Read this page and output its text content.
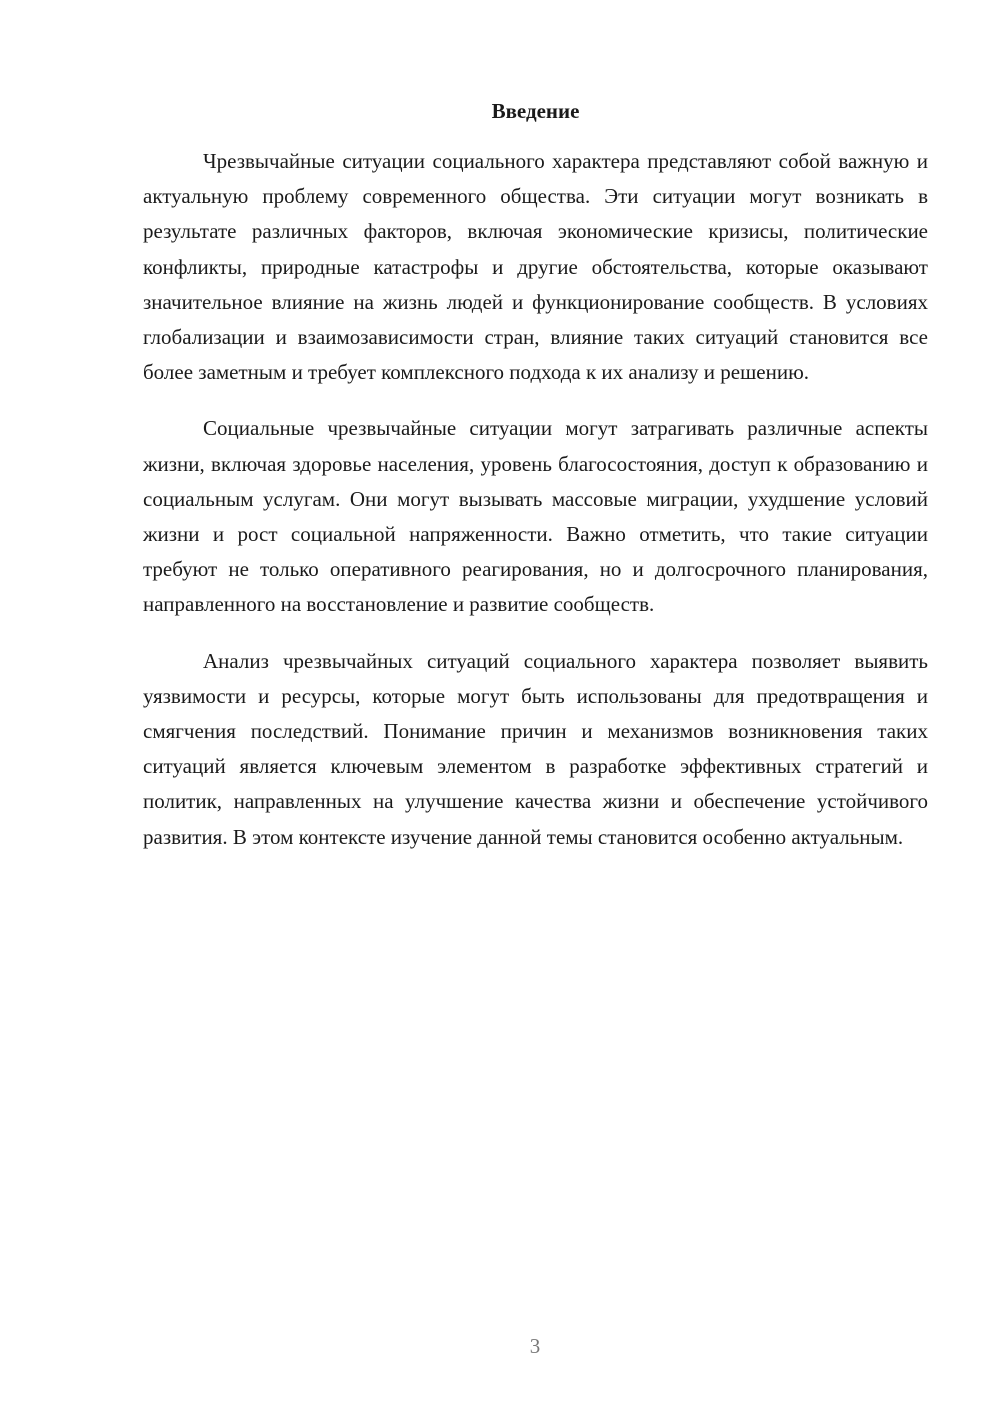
Введение

Чрезвычайные ситуации социального характера представляют собой важную и актуальную проблему современного общества. Эти ситуации могут возникать в результате различных факторов, включая экономические кризисы, политические конфликты, природные катастрофы и другие обстоятельства, которые оказывают значительное влияние на жизнь людей и функционирование сообществ. В условиях глобализации и взаимозависимости стран, влияние таких ситуаций становится все более заметным и требует комплексного подхода к их анализу и решению.

Социальные чрезвычайные ситуации могут затрагивать различные аспекты жизни, включая здоровье населения, уровень благосостояния, доступ к образованию и социальным услугам. Они могут вызывать массовые миграции, ухудшение условий жизни и рост социальной напряженности. Важно отметить, что такие ситуации требуют не только оперативного реагирования, но и долгосрочного планирования, направленного на восстановление и развитие сообществ.

Анализ чрезвычайных ситуаций социального характера позволяет выявить уязвимости и ресурсы, которые могут быть использованы для предотвращения и смягчения последствий. Понимание причин и механизмов возникновения таких ситуаций является ключевым элементом в разработке эффективных стратегий и политик, направленных на улучшение качества жизни и обеспечение устойчивого развития. В этом контексте изучение данной темы становится особенно актуальным.

3
